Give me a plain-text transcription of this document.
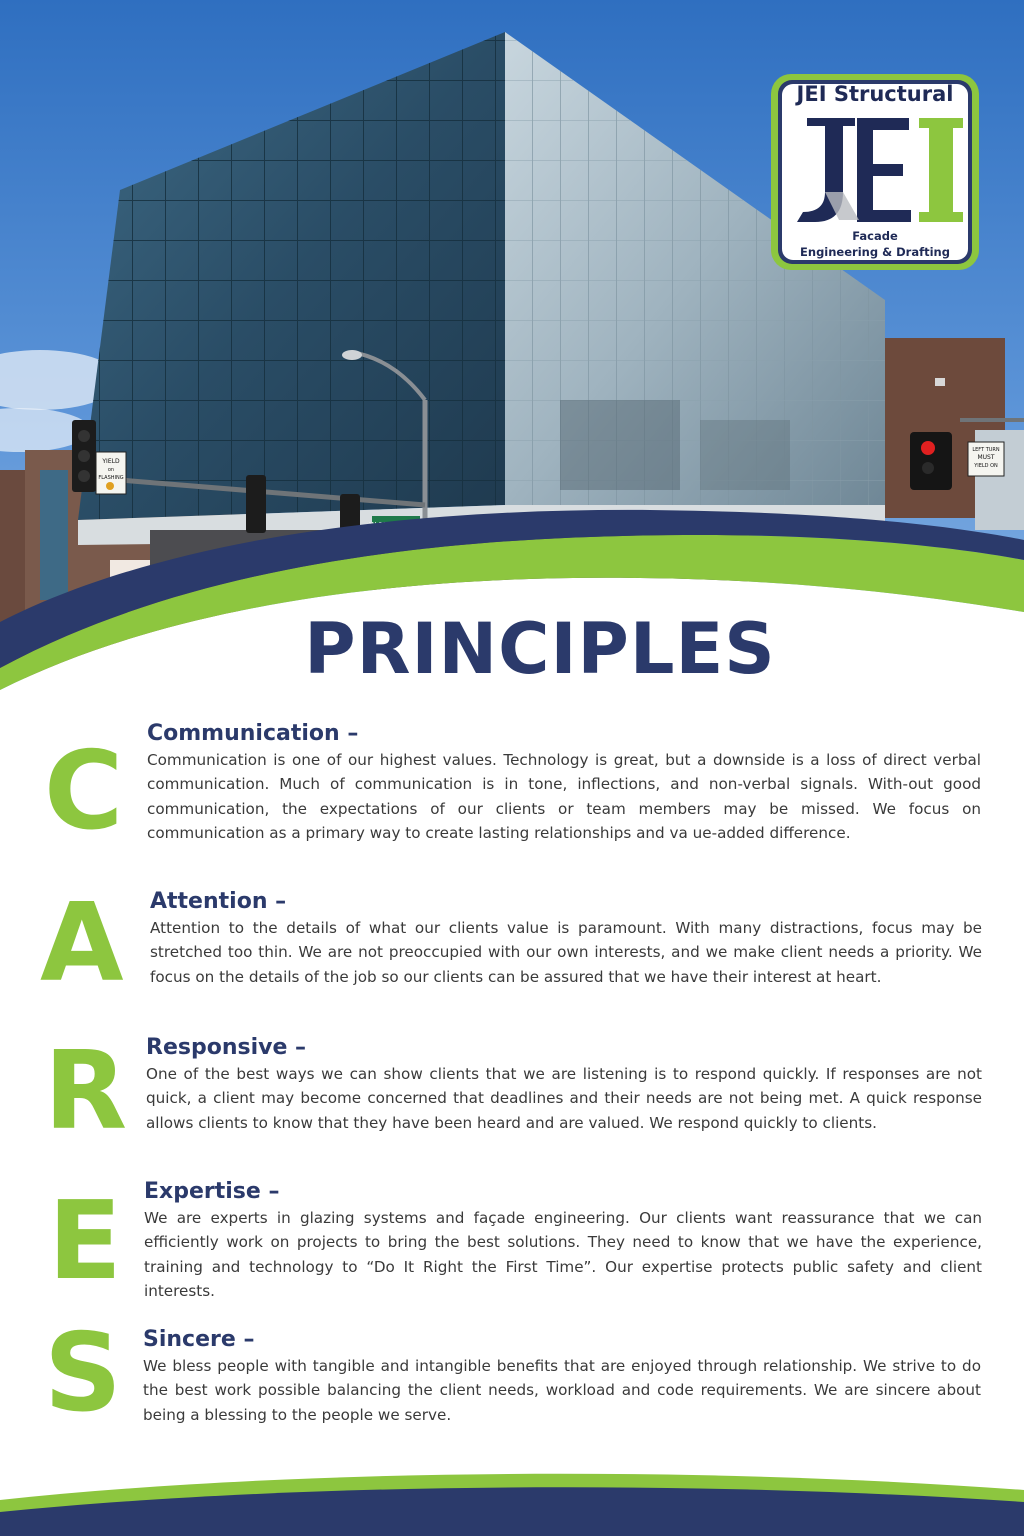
YIELD
on
FLASHING
LEFT TURN
MUST
YIELD ON
JEI Structural
Facade
Engineering & Drafting
PRINCIPLES
C
A
R
E
S
Communication –

Communication is one of our highest values. Technology is great, but a downside is a loss of direct verbal communication. Much of communication is in tone, inflections, and non-verbal signals. With-out good communication, the expectations of our clients or team members may be missed. We focus on communication as a primary way to create lasting relationships and va ue-added difference.

Attention –

Attention to the details of what our clients value is paramount. With many distractions, focus may be stretched too thin. We are not preoccupied with our own interests, and we make client needs a priority. We focus on the details of the job so our clients can be assured that we have their interest at heart.

Responsive –

One of the best ways we can show clients that we are listening is to respond quickly. If responses are not quick, a client may become concerned that deadlines and their needs are not being met. A quick response allows clients to know that they have been heard and are valued. We respond quickly to clients.

Expertise –

We are experts in glazing systems and façade engineering. Our clients want reassurance that we can efficiently work on projects to bring the best solutions. They need to know that we have the experience, training and technology to “Do It Right the First Time”. Our expertise protects public safety and client interests.

Sincere –

We bless people with tangible and intangible benefits that are enjoyed through relationship. We strive to do the best work possible balancing the client needs, workload and code requirements. We are sincere about being a blessing to the people we serve.
